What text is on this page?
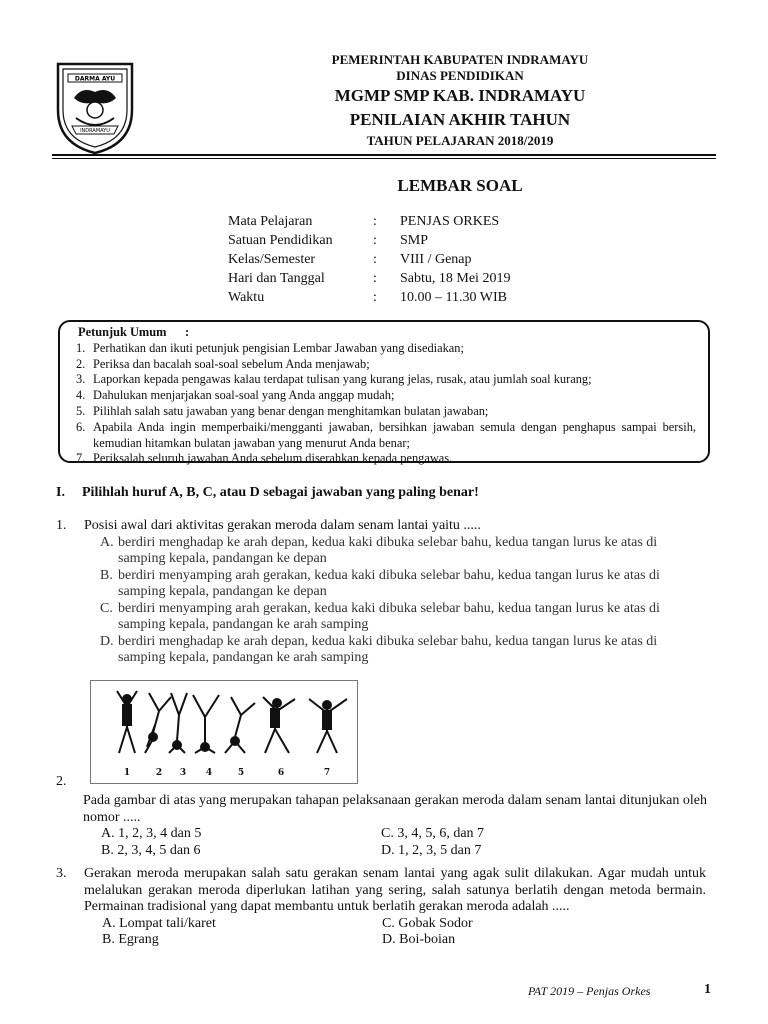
DARMA AYU
INDRAMAYU
PEMERINTAH KABUPATEN INDRAMAYU
DINAS PENDIDIKAN
MGMP SMP KAB. INDRAMAYU
PENILAIAN AKHIR TAHUN
TAHUN PELAJARAN 2018/2019
LEMBAR SOAL
Mata Pelajaran	:	PENJAS ORKES
Satuan Pendidikan	:	SMP
Kelas/Semester	:	VIII / Genap
Hari dan Tanggal	:	Sabtu, 18 Mei 2019
Waktu	:	10.00 – 11.30 WIB
Petunjuk Umum      :
1. Perhatikan dan ikuti petunjuk pengisian Lembar Jawaban yang disediakan;
2. Periksa dan bacalah soal-soal sebelum Anda menjawab;
3. Laporkan kepada pengawas kalau terdapat tulisan yang kurang jelas, rusak, atau jumlah soal kurang;
4. Dahulukan menjarjakan soal-soal yang Anda anggap mudah;
5. Pilihlah salah satu jawaban yang benar dengan menghitamkan bulatan jawaban;
6. Apabila Anda ingin memperbaiki/mengganti jawaban, bersihkan jawaban semula dengan penghapus sampai bersih, kemudian hitamkan bulatan jawaban yang menurut Anda benar;
7. Periksalah seluruh jawaban Anda sebelum diserahkan kepada pengawas.
I. Pilihlah huruf A, B, C, atau D sebagai jawaban yang paling benar!
1.	Posisi awal dari aktivitas gerakan meroda dalam senam lantai yaitu .....
A. berdiri menghadap ke arah depan, kedua kaki dibuka selebar bahu, kedua tangan lurus ke atas di samping kepala, pandangan ke depan
B. berdiri menyamping arah gerakan, kedua kaki dibuka selebar bahu, kedua tangan lurus ke atas di samping kepala, pandangan ke depan
C. berdiri menyamping arah gerakan, kedua kaki dibuka selebar bahu, kedua tangan lurus ke atas di samping kepala, pandangan ke arah samping
D. berdiri menghadap ke arah depan, kedua kaki dibuka selebar bahu, kedua tangan lurus ke atas di samping kepala, pandangan ke arah samping
1	2 3 4	5	6	7
2.
Pada gambar di atas yang merupakan tahapan pelaksanaan gerakan meroda dalam senam lantai ditunjukan oleh nomor .....
A. 1, 2, 3, 4 dan 5	C. 3, 4, 5, 6, dan 7
B. 2, 3, 4, 5 dan 6	D. 1, 2, 3, 5 dan 7
3.	Gerakan meroda merupakan salah satu gerakan senam lantai yang agak sulit dilakukan. Agar mudah untuk melalukan gerakan meroda diperlukan latihan yang sering, salah satunya berlatih dengan metoda bermain. Permainan tradisional yang dapat membantu untuk berlatih gerakan meroda adalah .....
A. Lompat tali/karet	C. Gobak Sodor
B. Egrang	D. Boi-boian
PAT 2019 – Penjas Orkes	1
